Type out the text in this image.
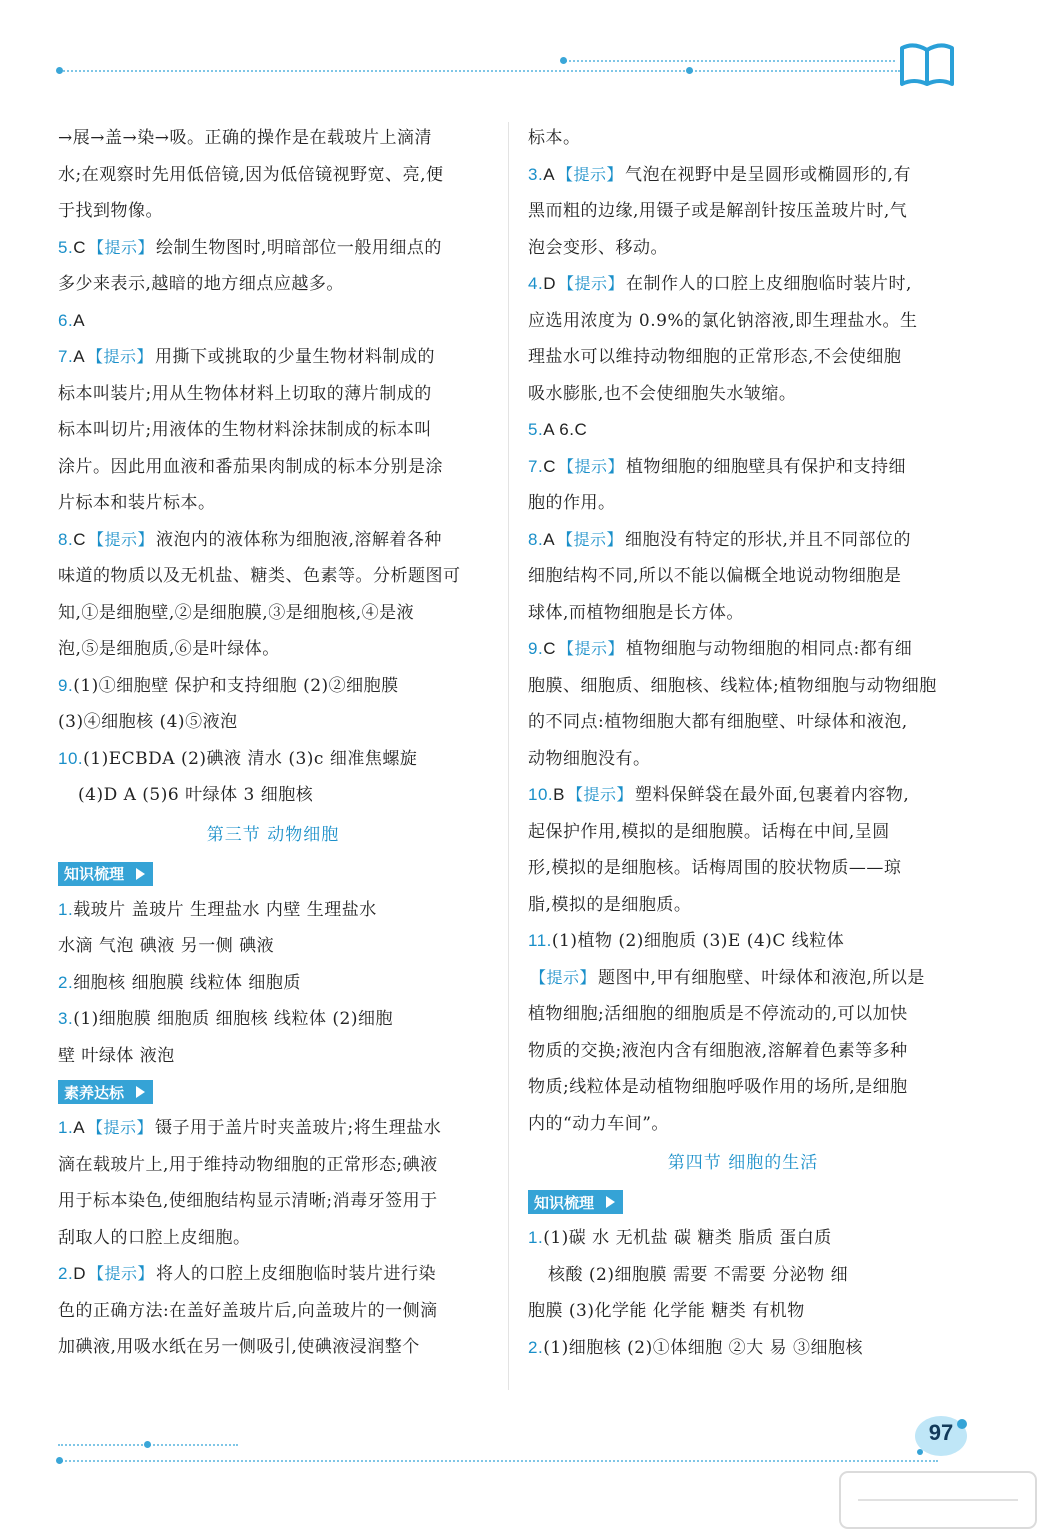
→展→盖→染→吸。正确的操作是在载玻片上滴清
水;在观察时先用低倍镜,因为低倍镜视野宽、亮,便
于找到物像。
5.C 【提示】 绘制生物图时,明暗部位一般用细点的
多少来表示,越暗的地方细点应越多。
6.A
7.A 【提示】 用撕下或挑取的少量生物材料制成的
标本叫装片;用从生物体材料上切取的薄片制成的
标本叫切片;用液体的生物材料涂抹制成的标本叫
涂片。因此用血液和番茄果肉制成的标本分别是涂
片标本和装片标本。
8.C 【提示】 液泡内的液体称为细胞液,溶解着各种
味道的物质以及无机盐、糖类、色素等。分析题图可
知,①是细胞壁,②是细胞膜,③是细胞核,④是液
泡,⑤是细胞质,⑥是叶绿体。
9.(1)①细胞壁 保护和支持细胞 (2)②细胞膜
(3)④细胞核 (4)⑤液泡
10.(1)ECBDA (2)碘液 清水 (3)c 细准焦螺旋
(4)D A (5)6 叶绿体 3 细胞核
第三节 动物细胞
知识梳理
1.载玻片 盖玻片 生理盐水 内壁 生理盐水
水滴 气泡 碘液 另一侧 碘液
2.细胞核 细胞膜 线粒体 细胞质
3.(1)细胞膜 细胞质 细胞核 线粒体 (2)细胞
壁 叶绿体 液泡
素养达标
1.A 【提示】 镊子用于盖片时夹盖玻片;将生理盐水
滴在载玻片上,用于维持动物细胞的正常形态;碘液
用于标本染色,使细胞结构显示清晰;消毒牙签用于
刮取人的口腔上皮细胞。
2.D 【提示】 将人的口腔上皮细胞临时装片进行染
色的正确方法:在盖好盖玻片后,向盖玻片的一侧滴
加碘液,用吸水纸在另一侧吸引,使碘液浸润整个
标本。
3.A 【提示】 气泡在视野中是呈圆形或椭圆形的,有
黑而粗的边缘,用镊子或是解剖针按压盖玻片时,气
泡会变形、移动。
4.D 【提示】 在制作人的口腔上皮细胞临时装片时,
应选用浓度为 0.9%的氯化钠溶液,即生理盐水。生
理盐水可以维持动物细胞的正常形态,不会使细胞
吸水膨胀,也不会使细胞失水皱缩。
5.A 6.C
7.C 【提示】 植物细胞的细胞壁具有保护和支持细
胞的作用。
8.A 【提示】 细胞没有特定的形状,并且不同部位的
细胞结构不同,所以不能以偏概全地说动物细胞是
球体,而植物细胞是长方体。
9.C 【提示】 植物细胞与动物细胞的相同点:都有细
胞膜、细胞质、细胞核、线粒体;植物细胞与动物细胞
的不同点:植物细胞大都有细胞壁、叶绿体和液泡,
动物细胞没有。
10.B 【提示】 塑料保鲜袋在最外面,包裹着内容物,
起保护作用,模拟的是细胞膜。话梅在中间,呈圆
形,模拟的是细胞核。话梅周围的胶状物质——琼
脂,模拟的是细胞质。
11.(1)植物 (2)细胞质 (3)E (4)C 线粒体
【提示】 题图中,甲有细胞壁、叶绿体和液泡,所以是
植物细胞;活细胞的细胞质是不停流动的,可以加快
物质的交换;液泡内含有细胞液,溶解着色素等多种
物质;线粒体是动植物细胞呼吸作用的场所,是细胞
内的“动力车间”。
第四节 细胞的生活
知识梳理
1.(1)碳 水 无机盐 碳 糖类 脂质 蛋白质
核酸 (2)细胞膜 需要 不需要 分泌物 细
胞膜 (3)化学能 化学能 糖类 有机物
2.(1)细胞核 (2)①体细胞 ②大 易 ③细胞核
97
